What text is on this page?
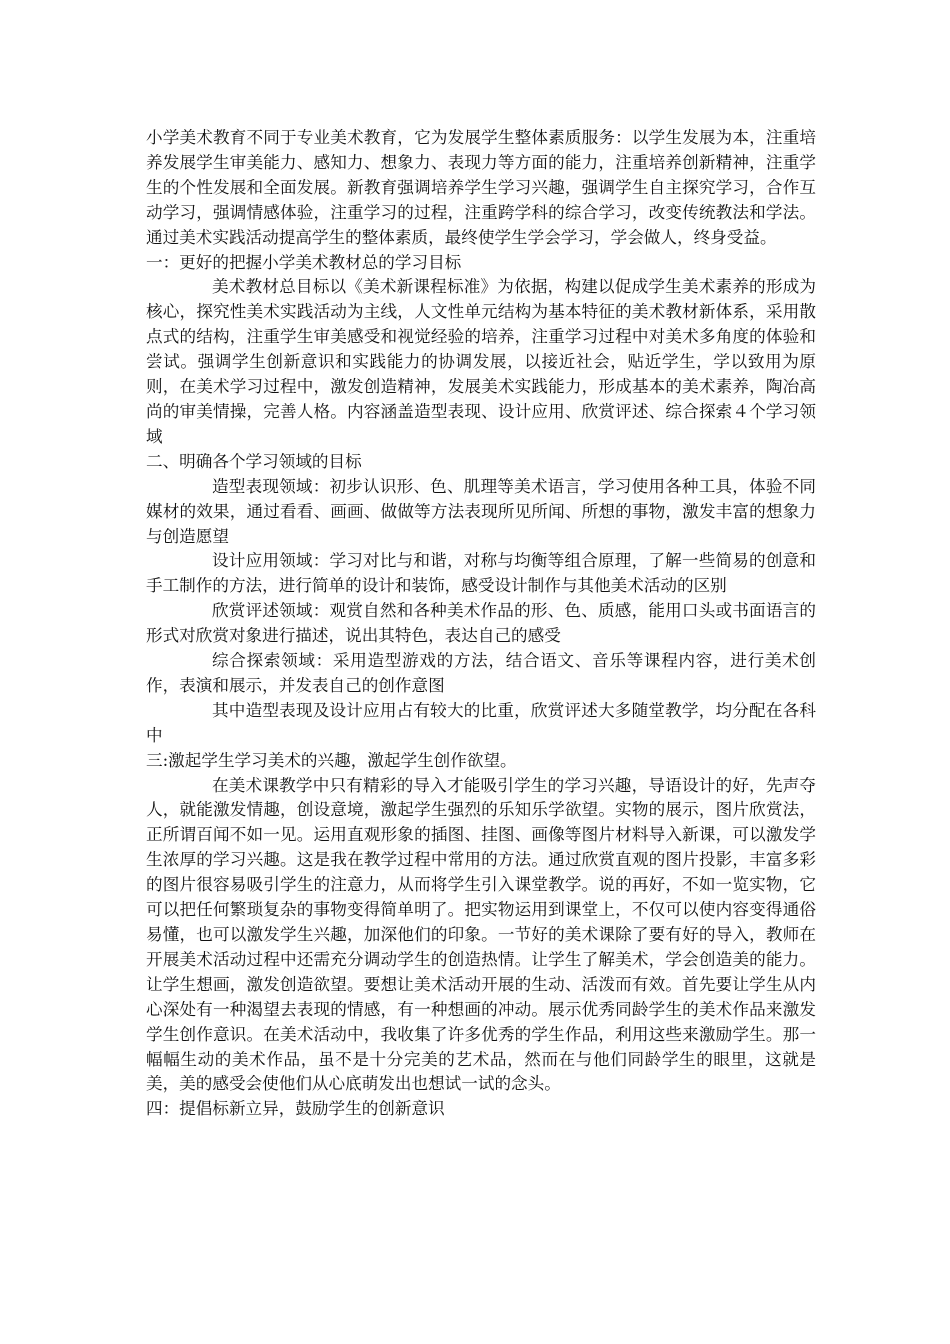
小学美术教育不同于专业美术教育，它为发展学生整体素质服务：以学生发展为本，注重培养发展学生审美能力、感知力、想象力、表现力等方面的能力，注重培养创新精神，注重学生的个性发展和全面发展。新教育强调培养学生学习兴趣，强调学生自主探究学习，合作互动学习，强调情感体验，注重学习的过程，注重跨学科的综合学习，改变传统教法和学法。通过美术实践活动提高学生的整体素质，最终使学生学会学习，学会做人，终身受益。

一：更好的把握小学美术教材总的学习目标

美术教材总目标以《美术新课程标准》为依据，构建以促成学生美术素养的形成为核心，探究性美术实践活动为主线，人文性单元结构为基本特征的美术教材新体系，采用散点式的结构，注重学生审美感受和视觉经验的培养，注重学习过程中对美术多角度的体验和尝试。强调学生创新意识和实践能力的协调发展，以接近社会，贴近学生，学以致用为原则，在美术学习过程中，激发创造精神，发展美术实践能力，形成基本的美术素养，陶冶高尚的审美情操，完善人格。内容涵盖造型表现、设计应用、欣赏评述、综合探索４个学习领域

二、明确各个学习领域的目标

造型表现领域：初步认识形、色、肌理等美术语言，学习使用各种工具，体验不同媒材的效果，通过看看、画画、做做等方法表现所见所闻、所想的事物，激发丰富的想象力与创造愿望

设计应用领域：学习对比与和谐，对称与均衡等组合原理，了解一些简易的创意和手工制作的方法，进行简单的设计和装饰，感受设计制作与其他美术活动的区别

欣赏评述领域：观赏自然和各种美术作品的形、色、质感，能用口头或书面语言的形式对欣赏对象进行描述，说出其特色，表达自己的感受

综合探索领域：采用造型游戏的方法，结合语文、音乐等课程内容，进行美术创作，表演和展示，并发表自己的创作意图

其中造型表现及设计应用占有较大的比重，欣赏评述大多随堂教学，均分配在各科中

三:激起学生学习美术的兴趣，激起学生创作欲望。

在美术课教学中只有精彩的导入才能吸引学生的学习兴趣，导语设计的好，先声夺人，就能激发情趣，创设意境，激起学生强烈的乐知乐学欲望。实物的展示，图片欣赏法，正所谓百闻不如一见。运用直观形象的插图、挂图、画像等图片材料导入新课，可以激发学生浓厚的学习兴趣。这是我在教学过程中常用的方法。通过欣赏直观的图片投影，丰富多彩的图片很容易吸引学生的注意力，从而将学生引入课堂教学。说的再好，不如一览实物，它可以把任何繁琐复杂的事物变得简单明了。把实物运用到课堂上，不仅可以使内容变得通俗易懂，也可以激发学生兴趣，加深他们的印象。一节好的美术课除了要有好的导入，教师在开展美术活动过程中还需充分调动学生的创造热情。让学生了解美术，学会创造美的能力。让学生想画，激发创造欲望。要想让美术活动开展的生动、活泼而有效。首先要让学生从内心深处有一种渴望去表现的情感，有一种想画的冲动。展示优秀同龄学生的美术作品来激发学生创作意识。在美术活动中，我收集了许多优秀的学生作品，利用这些来激励学生。那一幅幅生动的美术作品，虽不是十分完美的艺术品，然而在与他们同龄学生的眼里，这就是美，美的感受会使他们从心底萌发出也想试一试的念头。

四：提倡标新立异，鼓励学生的创新意识
